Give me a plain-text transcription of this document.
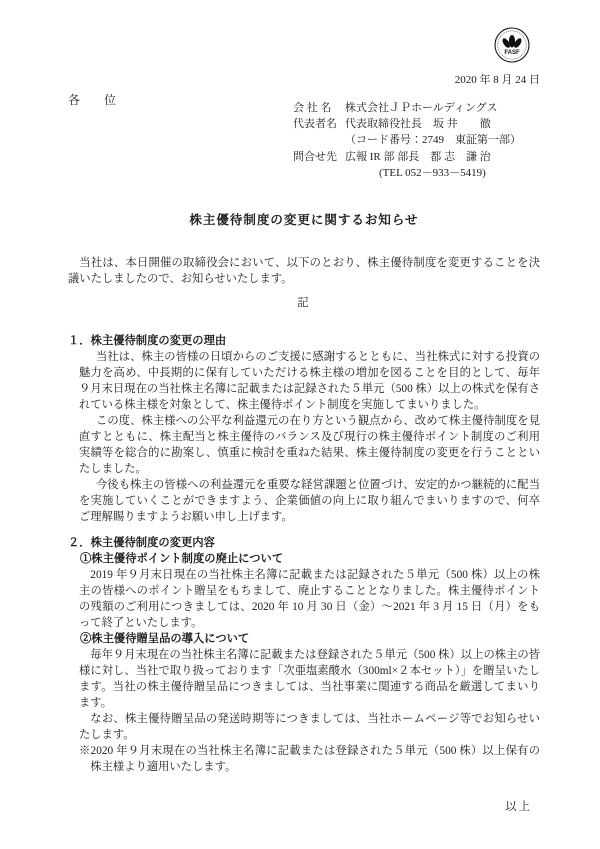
FASF
2020 年 8 月 24 日
各　　位
会 社 名	株式会社ＪＰホールディングス
代表者名 代表取締役社長　坂 井　　徹
（コード番号：2749　東証第一部）
問合せ先 広報 IR 部 部長　都 志　謙 治
(TEL 052－933－5419)
株主優待制度の変更に関するお知らせ

当社は、本日開催の取締役会において、以下のとおり、株主優待制度を変更することを決議いたしましたので、お知らせいたします。

記
１．株主優待制度の変更の理由

当社は、株主の皆様の日頃からのご支援に感謝するとともに、当社株式に対する投資の魅力を高め、中長期的に保有していただける株主様の増加を図ることを目的として、毎年９月末日現在の当社株主名簿に記載または記録された５単元（500 株）以上の株式を保有されている株主様を対象として、株主優待ポイント制度を実施してまいりました。

この度、株主様への公平な利益還元の在り方という観点から、改めて株主優待制度を見直すとともに、株主配当と株主優待のバランス及び現行の株主優待ポイント制度のご利用実績等を総合的に勘案し、慎重に検討を重ねた結果、株主優待制度の変更を行うことといたしました。

今後も株主の皆様への利益還元を重要な経営課題と位置づけ、安定的かつ継続的に配当を実施していくことができますよう、企業価値の向上に取り組んでまいりますので、何卒ご理解賜りますようお願い申し上げます。

２．株主優待制度の変更内容
①株主優待ポイント制度の廃止について

2019 年９月末日現在の当社株主名簿に記載または記録された５単元（500 株）以上の株主の皆様へのポイント贈呈をもちまして、廃止することとなりました。株主優待ポイントの残額のご利用につきましては、2020 年 10 月 30 日（金）～2021 年 3 月 15 日（月）をもって終了といたします。

②株主優待贈呈品の導入について

毎年９月末現在の当社株主名簿に記載または登録された５単元（500 株）以上の株主の皆様に対し、当社で取り扱っております「次亜塩素酸水（300ml×２本セット）」を贈呈いたします。当社の株主優待贈呈品につきましては、当社事業に関連する商品を厳選してまいります。

なお、株主優待贈呈品の発送時期等につきましては、当社ホームページ等でお知らせいたします。

※2020 年９月末現在の当社株主名簿に記載または登録された５単元（500 株）以上保有の株主様より適用いたします。

以上
